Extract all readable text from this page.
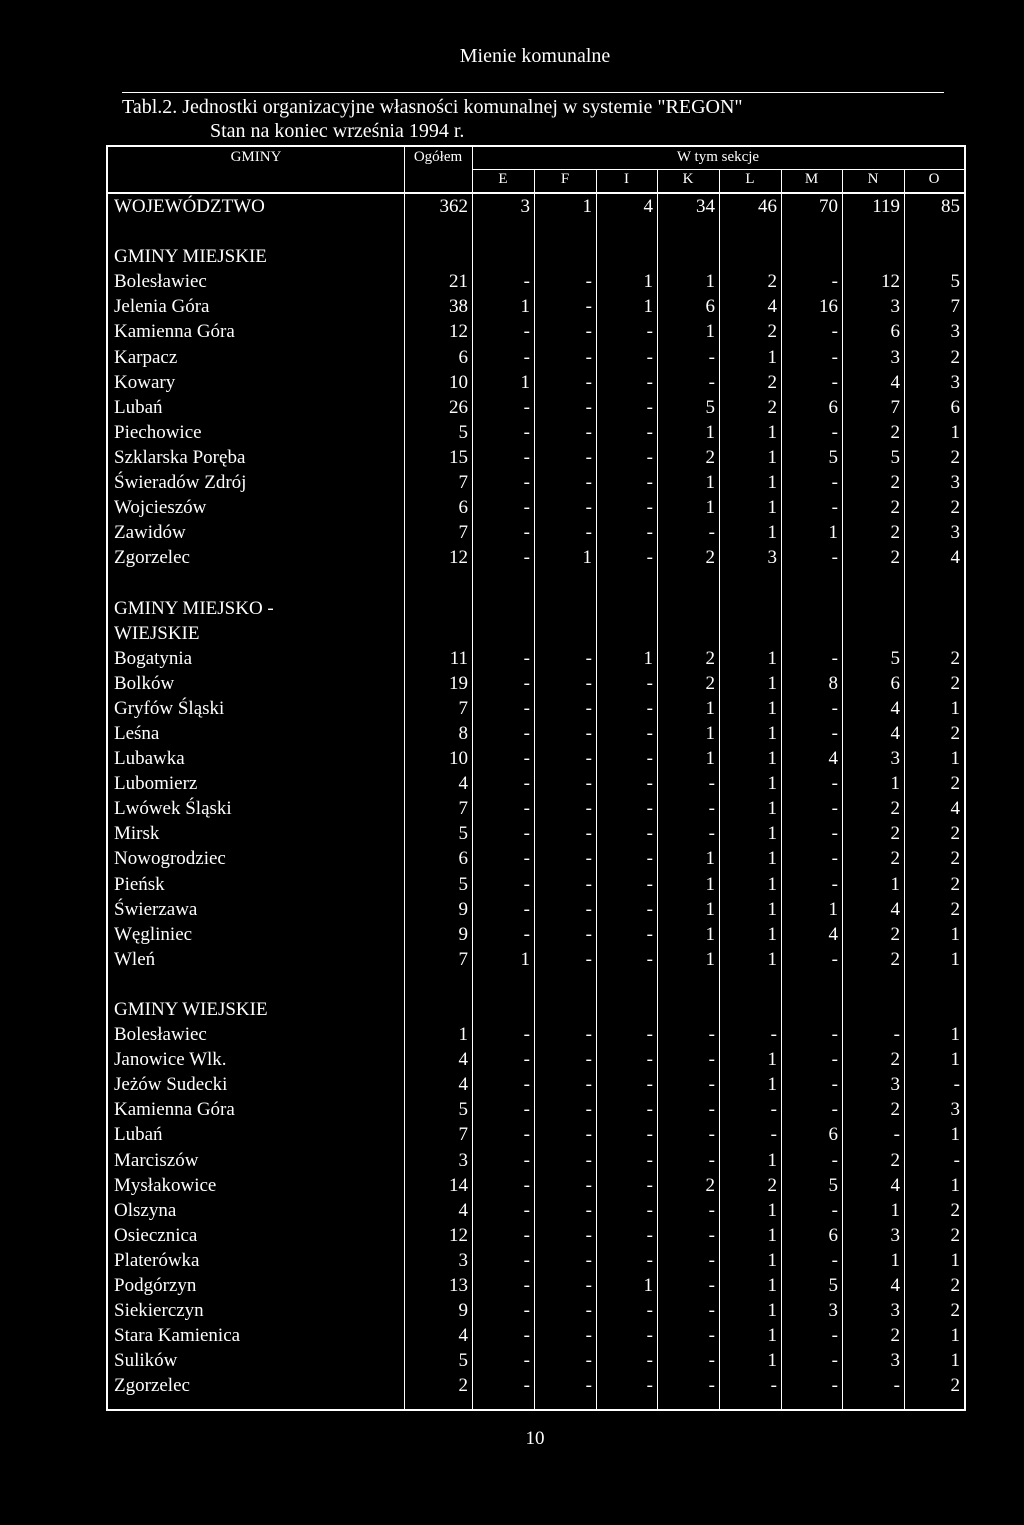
Mienie komunalne
Tabl.2. Jednostki organizacyjne własności komunalnej w systemie "REGON"
Stan na koniec września 1994 r.
GMINY	Ogółem	W tym sekcje
E	F	I	K	L	M	N	O
WOJEWÓDZTWO	362	3	1	4	34	46	70	119	85
GMINY MIEJSKIE
Bolesławiec	21	-	-	1	1	2	-	12	5
Jelenia Góra	38	1	-	1	6	4	16	3	7
Kamienna Góra	12	-	-	-	1	2	-	6	3
Karpacz	6	-	-	-	-	1	-	3	2
Kowary	10	1	-	-	-	2	-	4	3
Lubań	26	-	-	-	5	2	6	7	6
Piechowice	5	-	-	-	1	1	-	2	1
Szklarska Poręba	15	-	-	-	2	1	5	5	2
Świeradów Zdrój	7	-	-	-	1	1	-	2	3
Wojcieszów	6	-	-	-	1	1	-	2	2
Zawidów	7	-	-	-	-	1	1	2	3
Zgorzelec	12	-	1	-	2	3	-	2	4
GMINY MIEJSKO -
WIEJSKIE
Bogatynia	11	-	-	1	2	1	-	5	2
Bolków	19	-	-	-	2	1	8	6	2
Gryfów Śląski	7	-	-	-	1	1	-	4	1
Leśna	8	-	-	-	1	1	-	4	2
Lubawka	10	-	-	-	1	1	4	3	1
Lubomierz	4	-	-	-	-	1	-	1	2
Lwówek Śląski	7	-	-	-	-	1	-	2	4
Mirsk	5	-	-	-	-	1	-	2	2
Nowogrodziec	6	-	-	-	1	1	-	2	2
Pieńsk	5	-	-	-	1	1	-	1	2
Świerzawa	9	-	-	-	1	1	1	4	2
Węgliniec	9	-	-	-	1	1	4	2	1
Wleń	7	1	-	-	1	1	-	2	1
GMINY WIEJSKIE
Bolesławiec	1	-	-	-	-	-	-	-	1
Janowice Wlk.	4	-	-	-	-	1	-	2	1
Jeżów Sudecki	4	-	-	-	-	1	-	3	-
Kamienna Góra	5	-	-	-	-	-	-	2	3
Lubań	7	-	-	-	-	-	6	-	1
Marciszów	3	-	-	-	-	1	-	2	-
Mysłakowice	14	-	-	-	2	2	5	4	1
Olszyna	4	-	-	-	-	1	-	1	2
Osiecznica	12	-	-	-	-	1	6	3	2
Platerówka	3	-	-	-	-	1	-	1	1
Podgórzyn	13	-	-	1	-	1	5	4	2
Siekierczyn	9	-	-	-	-	1	3	3	2
Stara Kamienica	4	-	-	-	-	1	-	2	1
Sulików	5	-	-	-	-	1	-	3	1
Zgorzelec	2	-	-	-	-	-	-	-	2
10
